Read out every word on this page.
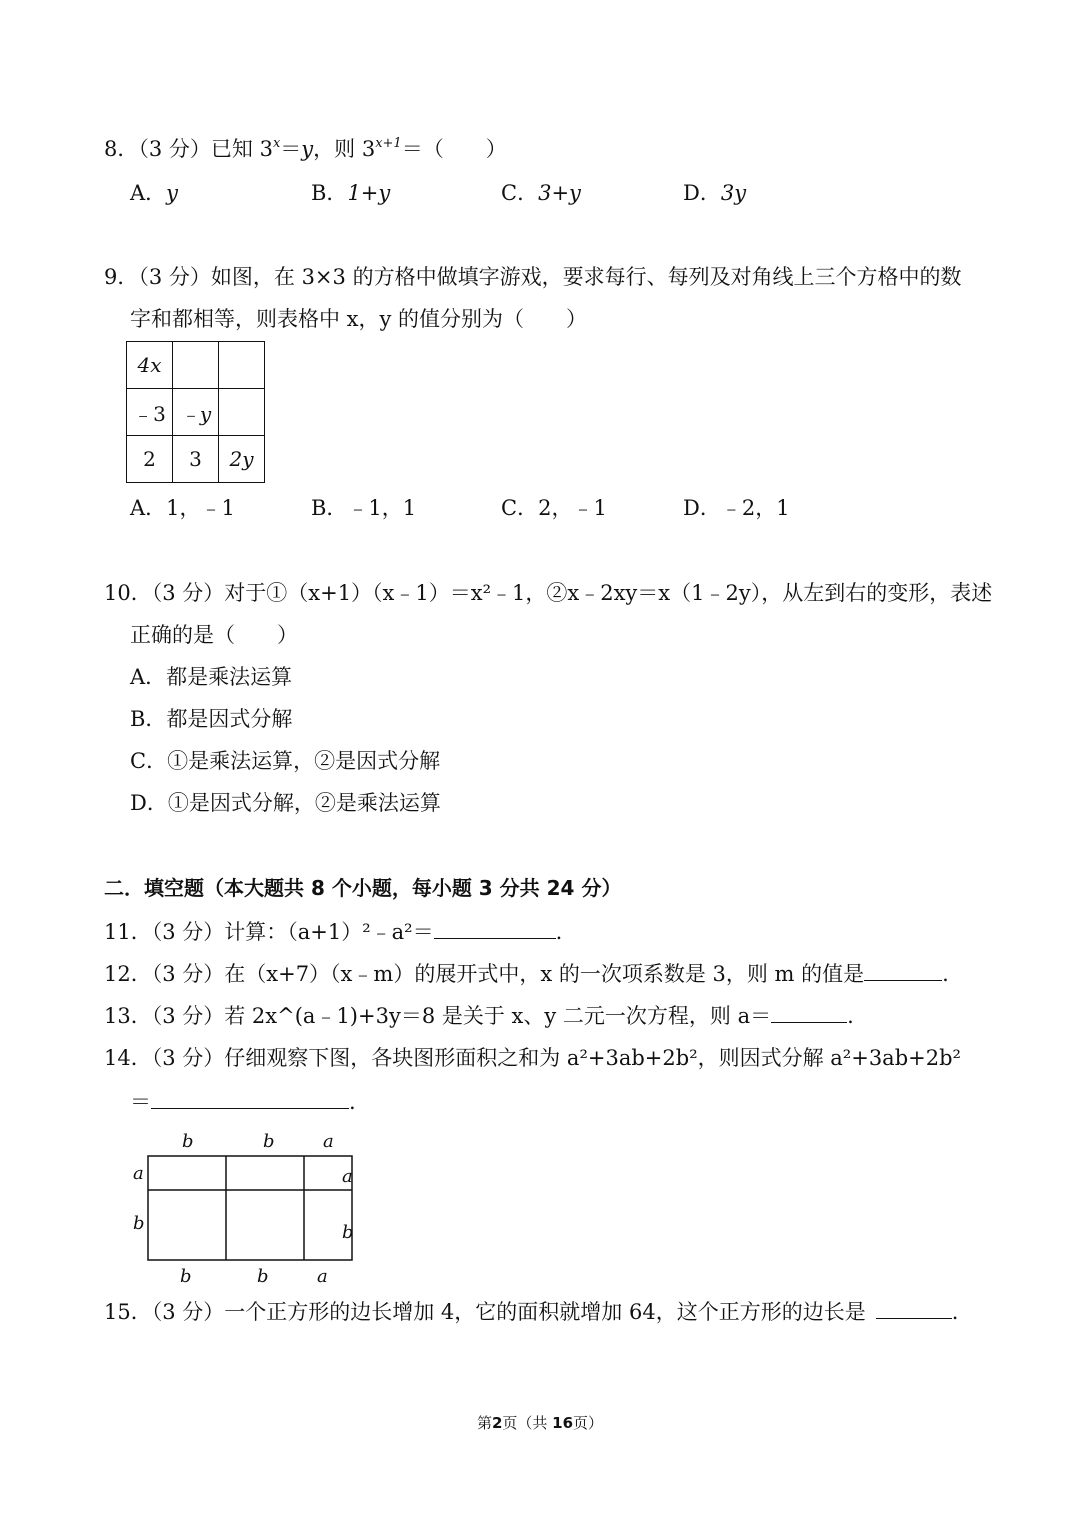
8．（3 分）已知 $3^x=y$，则 $3^{x+1}=$（　　）
A．y	B．1+y	C．3+y	D．3y
9．（3 分）如图，在 3×3 的方格中做填字游戏，要求每行、每列及对角线上三个方格中的数
字和都相等，则表格中 x，y 的值分别为（　　）
4x		
﹣3	﹣y	
2	3	2y
A．1，﹣1	B．﹣1，1	C．2，﹣1	D．﹣2，1
10．（3 分）对于①（x+1）（x﹣1）＝x²﹣1，②x﹣2xy＝x（1﹣2y），从左到右的变形，表述
正确的是（　　）
A．都是乘法运算
B．都是因式分解
C．①是乘法运算，②是因式分解
D．①是因式分解，②是乘法运算
二．填空题（本大题共 8 个小题，每小题 3 分共 24 分）
11．（3 分）计算：（a+1）²﹣a²＝	.
12．（3 分）在（x+7）（x﹣m）的展开式中，x 的一次项系数是 3，则 m 的值是	.
13．（3 分）若 2x^(a﹣1)+3y＝8 是关于 x、y 二元一次方程，则 a＝	.
14．（3 分）仔细观察下图，各块图形面积之和为 a²+3ab+2b²，则因式分解 a²+3ab+2b²
＝	.
b	b	a
a
b
a
b
b	b	a
15．（3 分）一个正方形的边长增加 4，它的面积就增加 64，这个正方形的边长是	.
第2页（共 16页）
